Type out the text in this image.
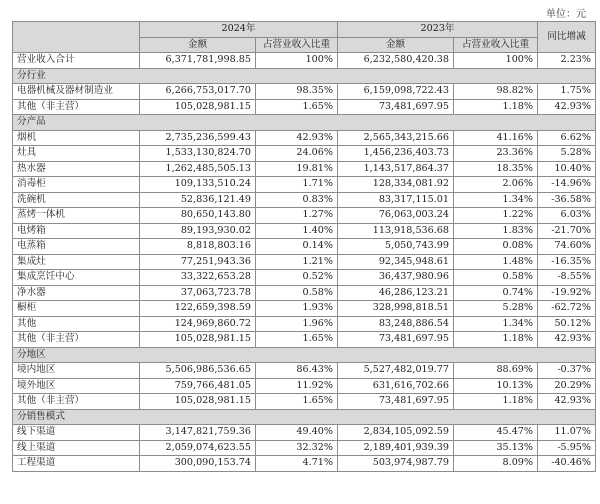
单位：元
	2024年		2023年		同比增减
	金额	占营业收入比重	金额	占营业收入比重	
营业收入合计	6,371,781,998.85	100%	6,232,580,420.38	100%	2.23%
分行业					
电器机械及器材制造业	6,266,753,017.70	98.35%	6,159,098,722.43	98.82%	1.75%
其他（非主营）	105,028,981.15	1.65%	73,481,697.95	1.18%	42.93%
分产品					
烟机	2,735,236,599.43	42.93%	2,565,343,215.66	41.16%	6.62%
灶具	1,533,130,824.70	24.06%	1,456,236,403.73	23.36%	5.28%
热水器	1,262,485,505.13	19.81%	1,143,517,864.37	18.35%	10.40%
消毒柜	109,133,510.24	1.71%	128,334,081.92	2.06%	-14.96%
洗碗机	52,836,121.49	0.83%	83,317,115.01	1.34%	-36.58%
蒸烤一体机	80,650,143.80	1.27%	76,063,003.24	1.22%	6.03%
电烤箱	89,193,930.02	1.40%	113,918,536.68	1.83%	-21.70%
电蒸箱	8,818,803.16	0.14%	5,050,743.99	0.08%	74.60%
集成灶	77,251,943.36	1.21%	92,345,948.61	1.48%	-16.35%
集成烹饪中心	33,322,653.28	0.52%	36,437,980.96	0.58%	-8.55%
净水器	37,063,723.78	0.58%	46,286,123.21	0.74%	-19.92%
橱柜	122,659,398.59	1.93%	328,998,818.51	5.28%	-62.72%
其他	124,969,860.72	1.96%	83,248,886.54	1.34%	50.12%
其他（非主营）	105,028,981.15	1.65%	73,481,697.95	1.18%	42.93%
分地区					
境内地区	5,506,986,536.65	86.43%	5,527,482,019.77	88.69%	-0.37%
境外地区	759,766,481.05	11.92%	631,616,702.66	10.13%	20.29%
其他（非主营）	105,028,981.15	1.65%	73,481,697.95	1.18%	42.93%
分销售模式					
线下渠道	3,147,821,759.36	49.40%	2,834,105,092.59	45.47%	11.07%
线上渠道	2,059,074,623.55	32.32%	2,189,401,939.39	35.13%	-5.95%
工程渠道	300,090,153.74	4.71%	503,974,987.79	8.09%	-40.46%
